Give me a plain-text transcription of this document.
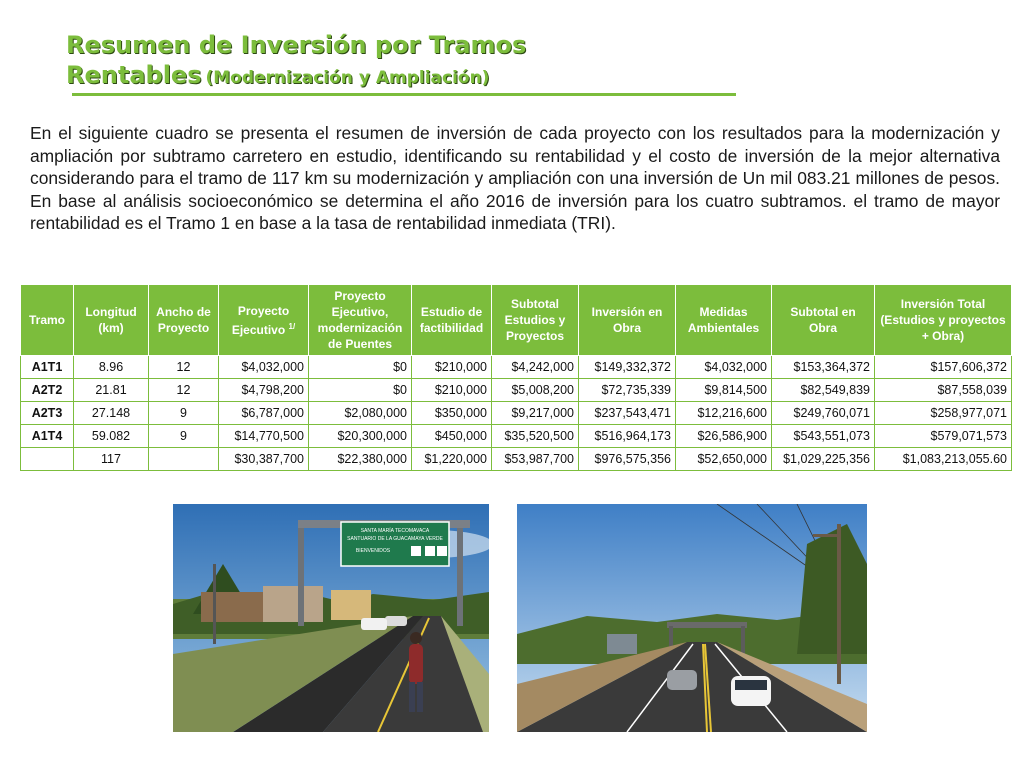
Resumen de Inversión por Tramos
Rentables (Modernización y Ampliación)

En el siguiente cuadro se presenta el resumen de inversión de cada proyecto con los resultados para la modernización y ampliación por subtramo carretero en estudio, identificando su rentabilidad y el costo de inversión de la mejor alternativa considerando para el tramo de 117 km su modernización y ampliación con una inversión de Un mil 083.21 millones de pesos. En base al análisis socioeconómico se determina el año 2016 de inversión para los cuatro subtramos. el tramo de mayor rentabilidad es el Tramo 1 en base a la tasa de rentabilidad inmediata (TRI).

Tramo	Longitud (km)	Ancho de Proyecto	Proyecto Ejecutivo $^{1/}$	Proyecto Ejecutivo, modernización de Puentes	Estudio de factibilidad	Subtotal Estudios y Proyectos	Inversión en Obra	Medidas Ambientales	Subtotal en Obra	Inversión Total (Estudios y proyectos + Obra)
A1T1	8.96	12	$4,032,000	$0	$210,000	$4,242,000	$149,332,372	$4,032,000	$153,364,372	$157,606,372
A2T2	21.81	12	$4,798,200	$0	$210,000	$5,008,200	$72,735,339	$9,814,500	$82,549,839	$87,558,039
A2T3	27.148	9	$6,787,000	$2,080,000	$350,000	$9,217,000	$237,543,471	$12,216,600	$249,760,071	$258,977,071
A1T4	59.082	9	$14,770,500	$20,300,000	$450,000	$35,520,500	$516,964,173	$26,586,900	$543,551,073	$579,071,573
	117		$30,387,700	$22,380,000	$1,220,000	$53,987,700	$976,575,356	$52,650,000	$1,029,225,356	$1,083,213,055.60
SANTA MARÍA TECOMAVACA
SANTUARIO DE LA GUACAMAYA VERDE
BIENVENIDOS
